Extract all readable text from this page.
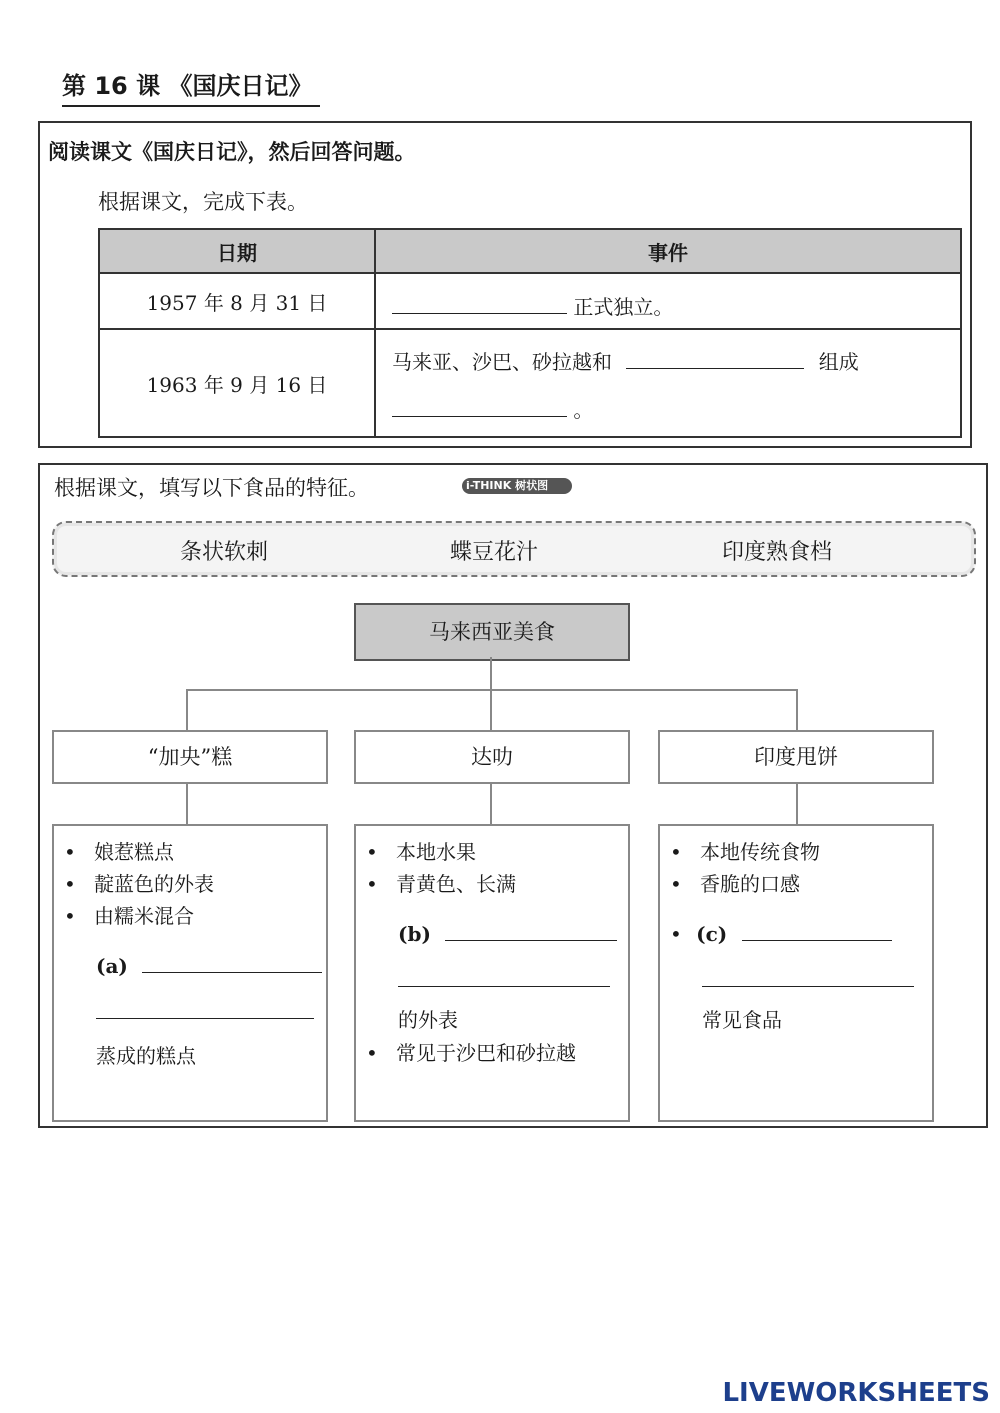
第 16 课 《国庆日记》
阅读课文《国庆日记》，然后回答问题。
根据课文，完成下表。
日期	事件
1957 年 8 月 31 日	正式独立。
1963 年 9 月 16 日	马来亚、沙巴、砂拉越和 组成
。
根据课文，填写以下食品的特征。	i-THINK 树状图
条状软刺	蝶豆花汁	印度熟食档
马来西亚美食
“加央”糕	达叻	印度甩饼
• 娘惹糕点
• 靛蓝色的外表
• 由糯米混合
(a)
蒸成的糕点
• 本地水果
• 青黄色、长满
(b)
的外表
• 常见于沙巴和砂拉越
• 本地传统食物
• 香脆的口感
• (c)
常见食品
LIVEWORKSHEETS
